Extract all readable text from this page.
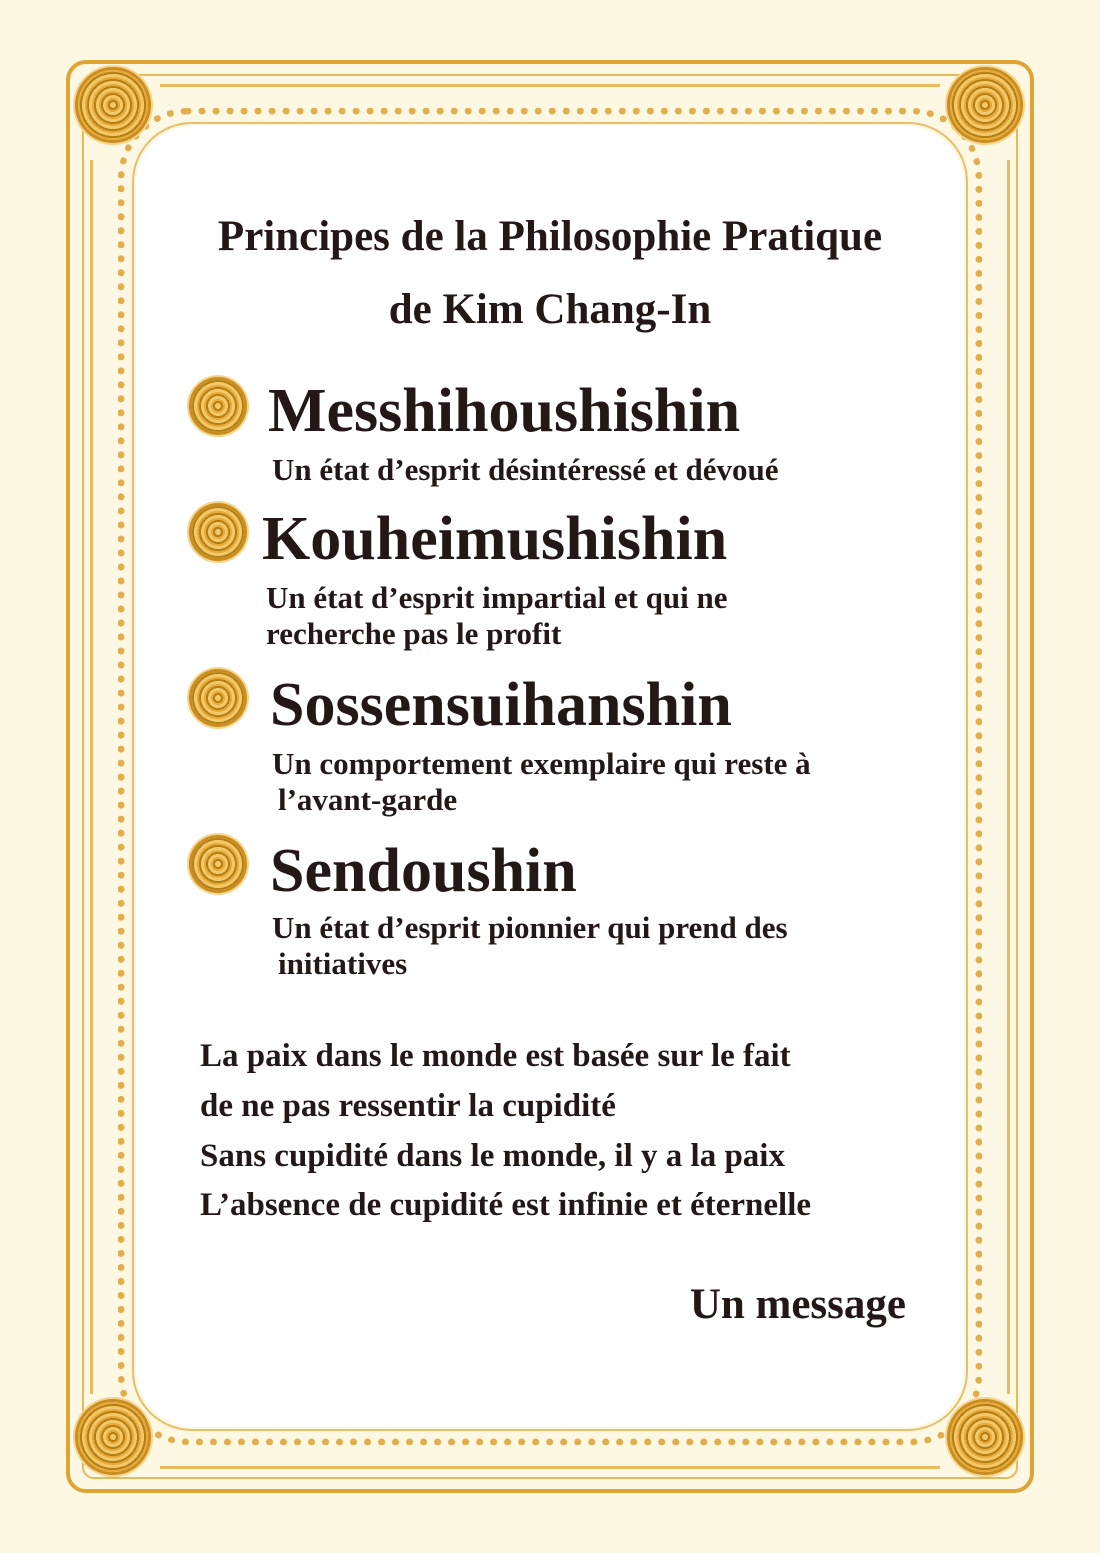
Principes de la Philosophie Pratique
de Kim Chang-In

Messhihoushishin

Un état d’esprit désintéressé et dévoué

Kouheimushishin

Un état d’esprit impartial et qui ne

recherche pas le profit

Sossensuihanshin

Un comportement exemplaire qui reste à

l’avant-garde

Sendoushin

Un état d’esprit pionnier qui prend des

initiatives

La paix dans le monde est basée sur le fait

de ne pas ressentir la cupidité

Sans cupidité dans le monde, il y a la paix

L’absence de cupidité est infinie et éternelle

Un message
